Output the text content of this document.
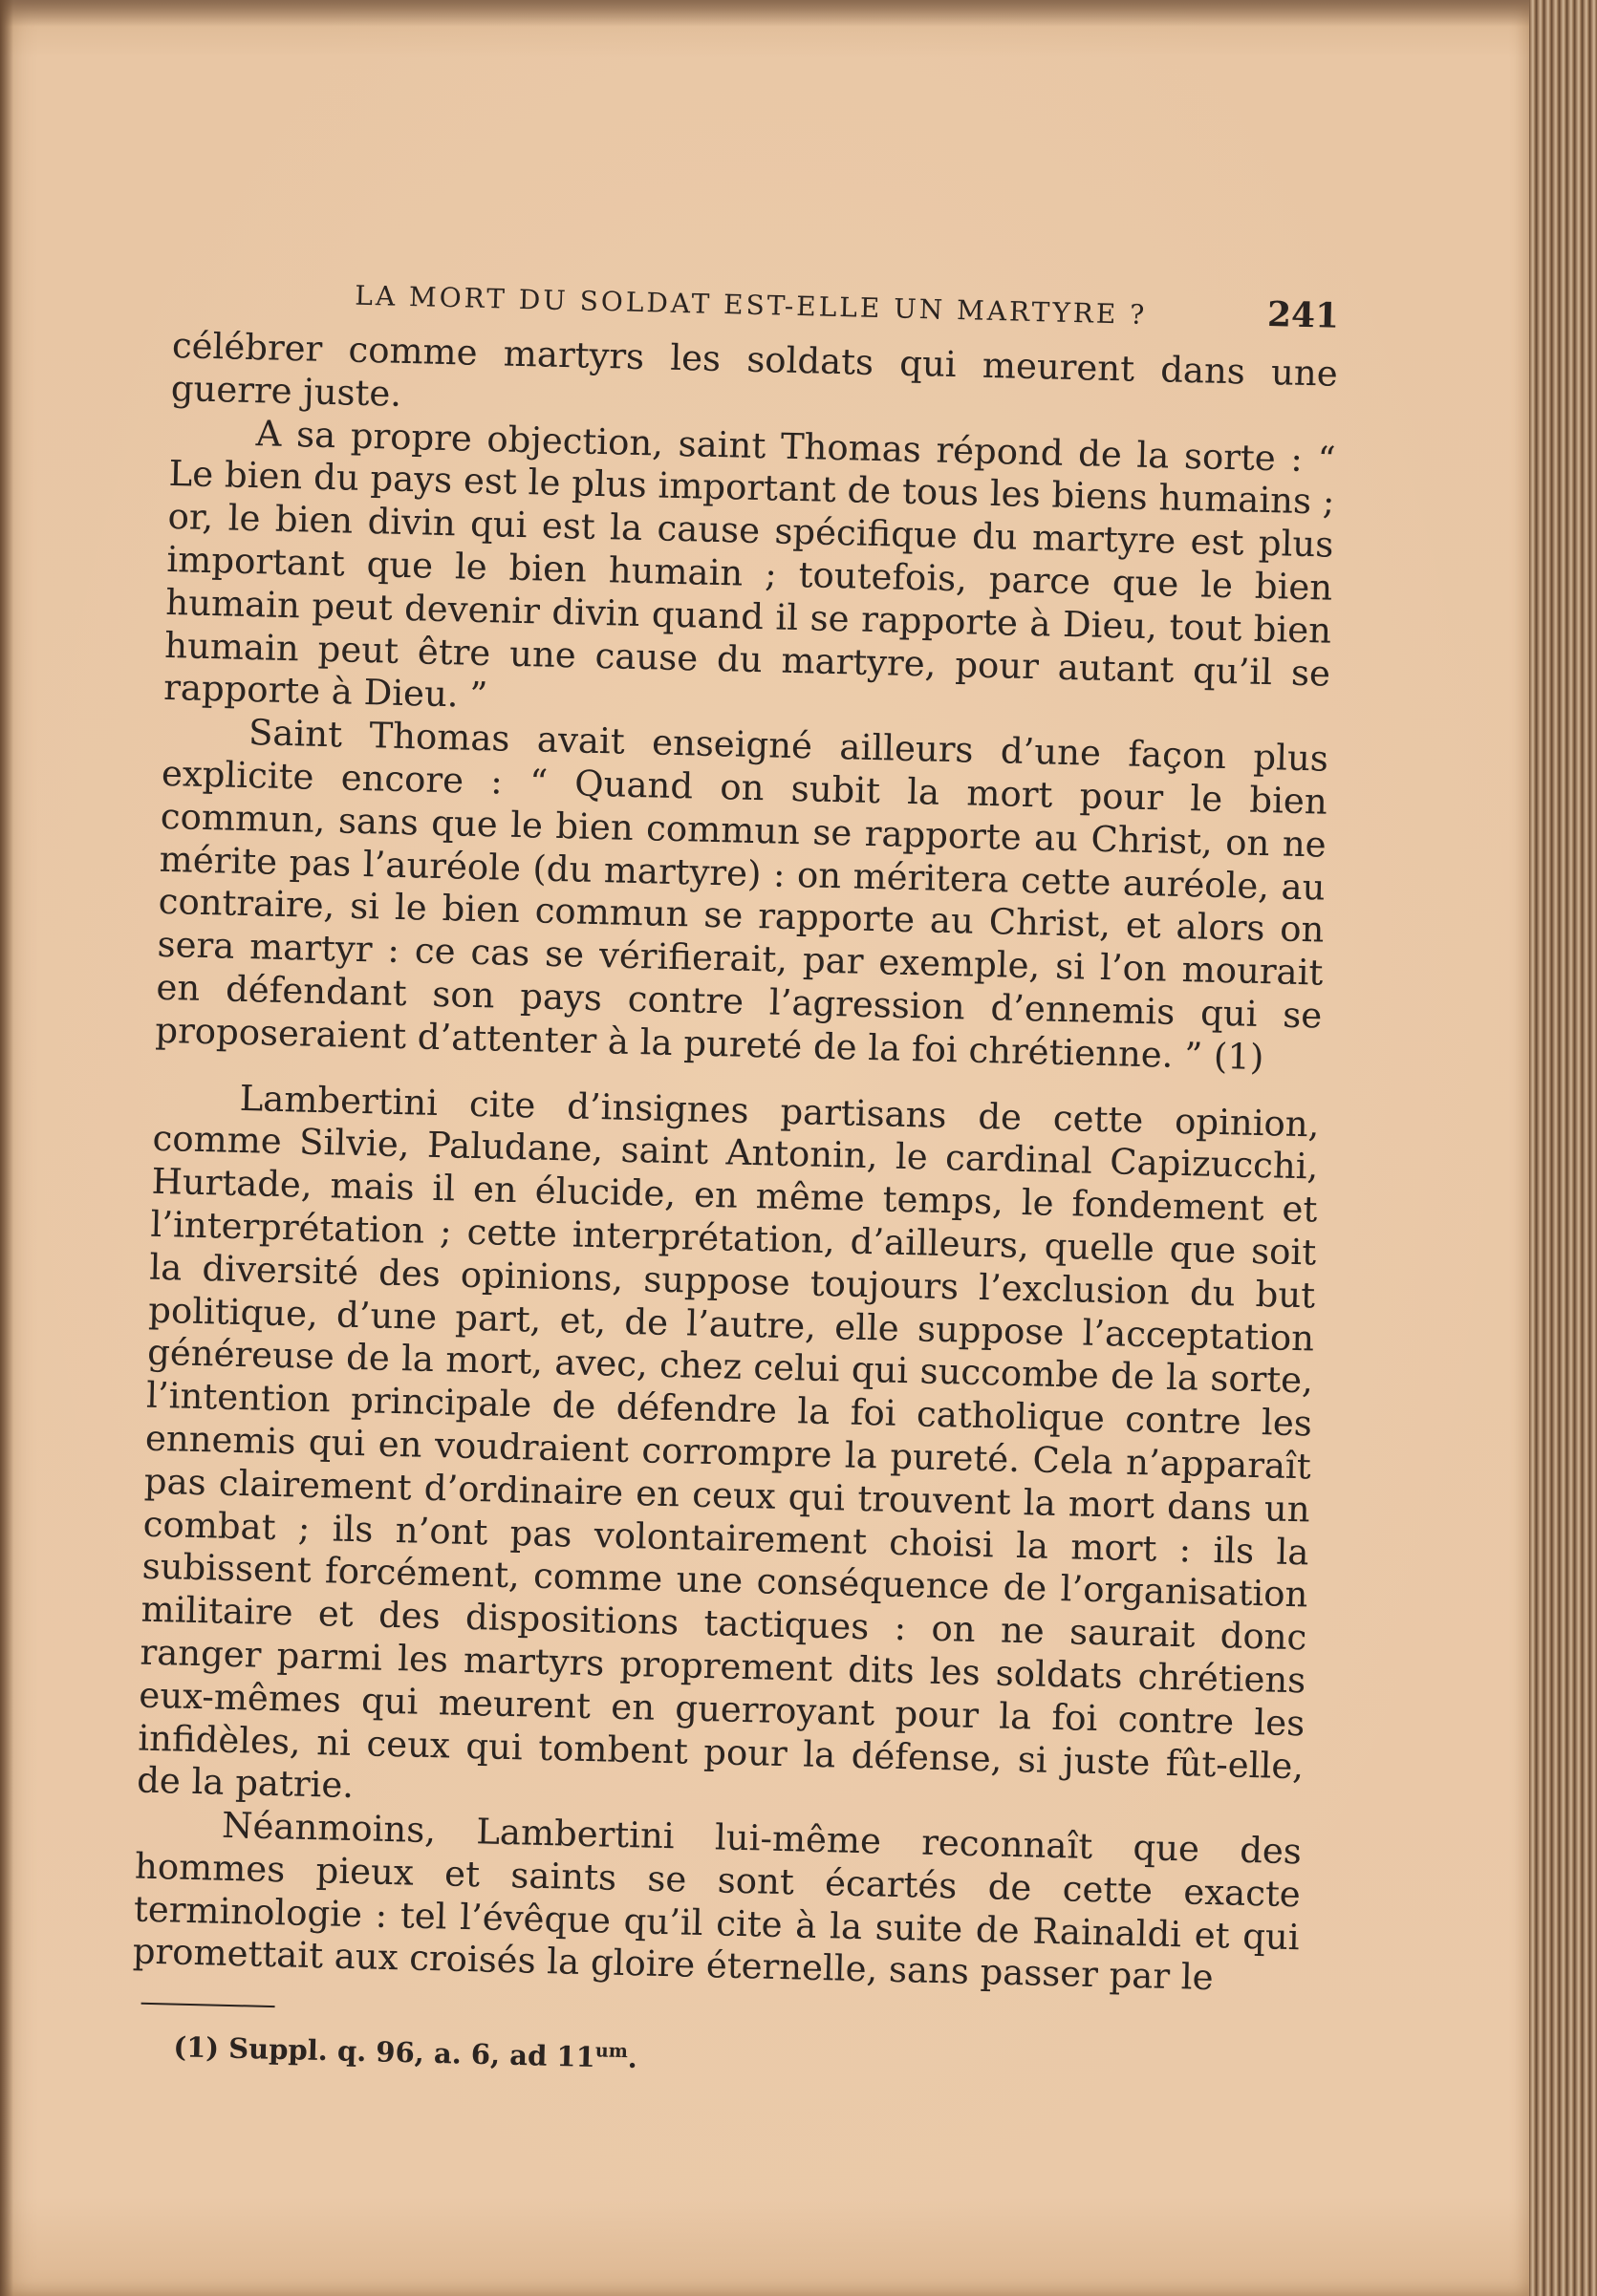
LA MORT DU SOLDAT EST-ELLE UN MARTYRE ?	241

célébrer comme martyrs les soldats qui meurent dans une guerre juste.

A sa propre objection, saint Thomas répond de la sorte : “ Le bien du pays est le plus important de tous les biens humains ; or, le bien divin qui est la cause spécifique du martyre est plus important que le bien humain ; toutefois, parce que le bien humain peut devenir divin quand il se rapporte à Dieu, tout bien humain peut être une cause du martyre, pour autant qu’il se rapporte à Dieu. ”

Saint Thomas avait enseigné ailleurs d’une façon plus explicite encore : “ Quand on subit la mort pour le bien commun, sans que le bien commun se rapporte au Christ, on ne mérite pas l’auréole (du martyre) : on méritera cette auréole, au contraire, si le bien commun se rapporte au Christ, et alors on sera martyr : ce cas se vérifierait, par exemple, si l’on mourait en défendant son pays contre l’agression d’ennemis qui se proposeraient d’attenter à la pureté de la foi chrétienne. ” (1)

Lambertini cite d’insignes partisans de cette opinion, comme Silvie, Paludane, saint Antonin, le cardinal Capizucchi, Hurtade, mais il en élucide, en même temps, le fondement et l’interprétation ; cette interprétation, d’ailleurs, quelle que soit la diversité des opinions, suppose toujours l’exclusion du but politique, d’une part, et, de l’autre, elle suppose l’acceptation généreuse de la mort, avec, chez celui qui succombe de la sorte, l’intention principale de défendre la foi catholique contre les ennemis qui en voudraient corrompre la pureté. Cela n’apparaît pas clairement d’ordinaire en ceux qui trouvent la mort dans un combat ; ils n’ont pas volontairement choisi la mort : ils la subissent forcément, comme une conséquence de l’organisation militaire et des dispositions tactiques : on ne saurait donc ranger parmi les martyrs proprement dits les soldats chrétiens eux-mêmes qui meurent en guerroyant pour la foi contre les infidèles, ni ceux qui tombent pour la défense, si juste fût-elle, de la patrie.

Néanmoins, Lambertini lui-même reconnaît que des hommes pieux et saints se sont écartés de cette exacte terminologie : tel l’évêque qu’il cite à la suite de Rainaldi et qui promettait aux croisés la gloire éternelle, sans passer par le

(1) Suppl. q. 96, a. 6, ad $11^{um}$.
